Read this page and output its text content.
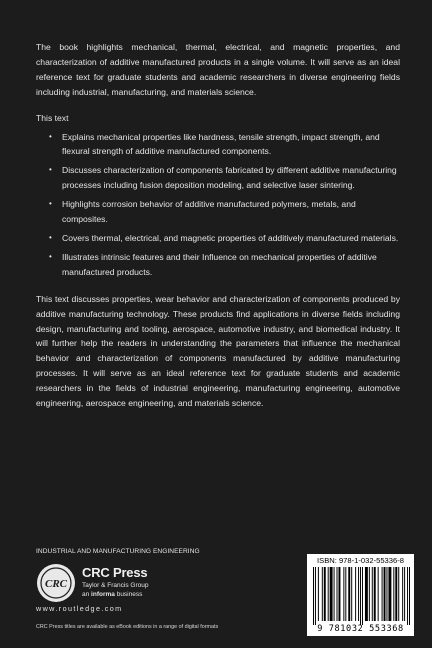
The book highlights mechanical, thermal, electrical, and magnetic properties, and characterization of additive manufactured products in a single volume. It will serve as an ideal reference text for graduate students and academic researchers in diverse engineering fields including industrial, manufacturing, and materials science.

This text

• Explains mechanical properties like hardness, tensile strength, impact strength, and flexural strength of additive manufactured components.
• Discusses characterization of components fabricated by different additive manufacturing processes including fusion deposition modeling, and selective laser sintering.
• Highlights corrosion behavior of additive manufactured polymers, metals, and composites.
• Covers thermal, electrical, and magnetic properties of additively manufactured materials.
• Illustrates intrinsic features and their Influence on mechanical properties of additive manufactured products.

This text discusses properties, wear behavior and characterization of components produced by additive manufacturing technology. These products find applications in diverse fields including design, manufacturing and tooling, aerospace, automotive industry, and biomedical industry. It will further help the readers in understanding the parameters that influence the mechanical behavior and characterization of components manufactured by additive manufacturing processes. It will serve as an ideal reference text for graduate students and academic researchers in the fields of industrial engineering, manufacturing engineering, automotive engineering, aerospace engineering, and materials science.

INDUSTRIAL AND MANUFACTURING ENGINEERING
CRC
CRC Press
Taylor & Francis Group
an informa business
www.routledge.com
CRC Press titles are available as eBook editions in a range of digital formats
ISBN: 978-1-032-55336-8
9 781032 553368
